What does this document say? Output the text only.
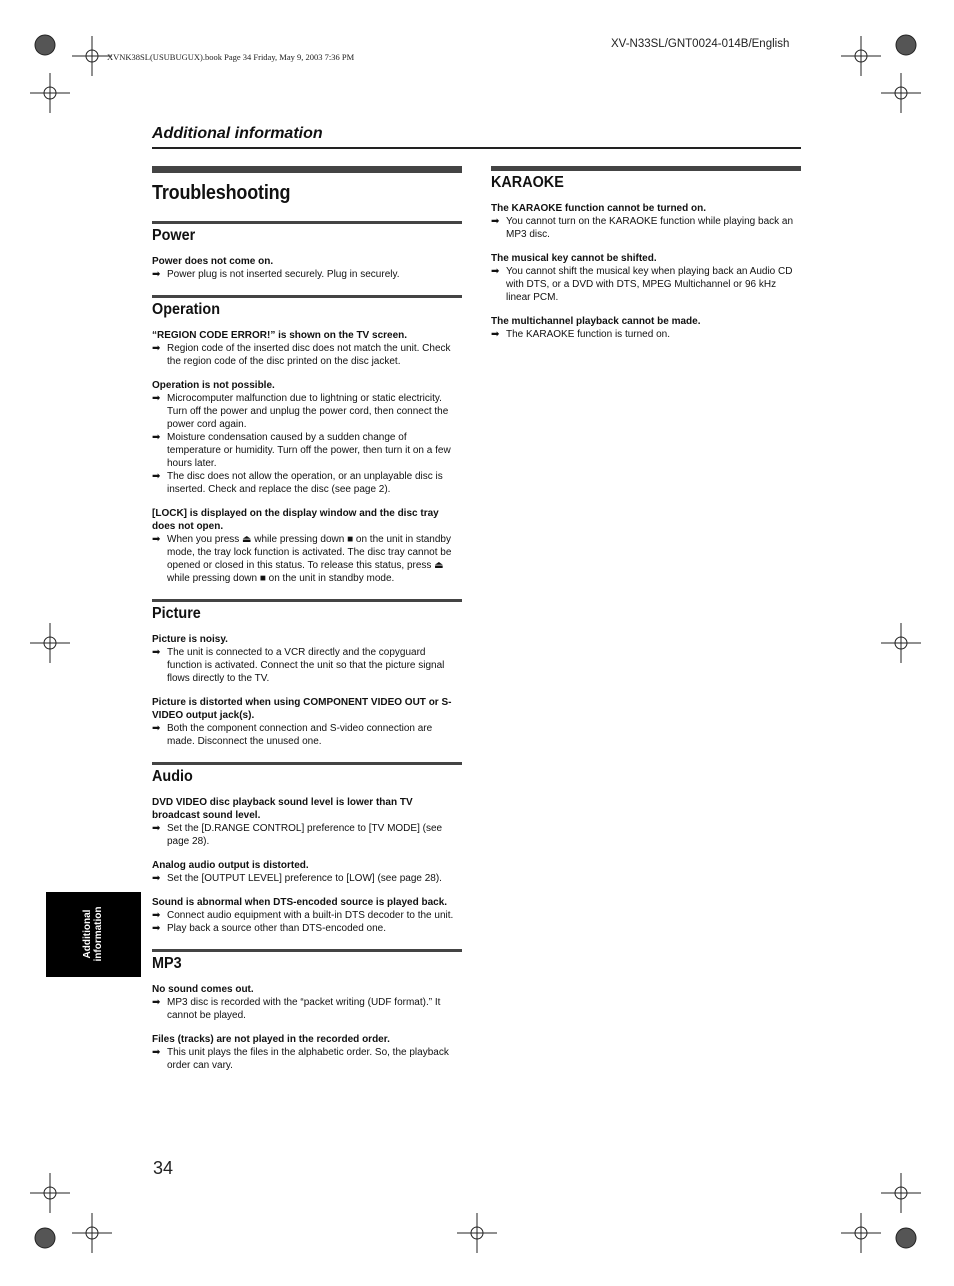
XVNK38SL(USUBUGUX).book Page 34 Friday, May 9, 2003 7:36 PM
XV-N33SL/GNT0024-014B/English
Additional information
Troubleshooting
Power
Power does not come on.
➡ Power plug is not inserted securely. Plug in securely.
Operation
“REGION CODE ERROR!” is shown on the TV screen.
➡ Region code of the inserted disc does not match the unit. Check the region code of the disc printed on the disc jacket.
Operation is not possible.
➡ Microcomputer malfunction due to lightning or static electricity. Turn off the power and unplug the power cord, then connect the power cord again.
➡ Moisture condensation caused by a sudden change of temperature or humidity. Turn off the power, then turn it on a few hours later.
➡ The disc does not allow the operation, or an unplayable disc is inserted. Check and replace the disc (see page 2).
[LOCK] is displayed on the display window and the disc tray does not open.
➡ When you press ⏏ while pressing down ■ on the unit in standby mode, the tray lock function is activated. The disc tray cannot be opened or closed in this status. To release this status, press ⏏ while pressing down ■ on the unit in standby mode.
Picture
Picture is noisy.
➡ The unit is connected to a VCR directly and the copyguard function is activated. Connect the unit so that the picture signal flows directly to the TV.
Picture is distorted when using COMPONENT VIDEO OUT or S-VIDEO output jack(s).
➡ Both the component connection and S-video connection are made. Disconnect the unused one.
Audio
DVD VIDEO disc playback sound level is lower than TV broadcast sound level.
➡ Set the [D.RANGE CONTROL] preference to [TV MODE] (see page 28).
Analog audio output is distorted.
➡ Set the [OUTPUT LEVEL] preference to [LOW] (see page 28).
Sound is abnormal when DTS-encoded source is played back.
➡ Connect audio equipment with a built-in DTS decoder to the unit.
➡ Play back a source other than DTS-encoded one.
MP3
No sound comes out.
➡ MP3 disc is recorded with the “packet writing (UDF format).” It cannot be played.
Files (tracks) are not played in the recorded order.
➡ This unit plays the files in the alphabetic order. So, the playback order can vary.
KARAOKE
The KARAOKE function cannot be turned on.
➡ You cannot turn on the KARAOKE function while playing back an MP3 disc.
The musical key cannot be shifted.
➡ You cannot shift the musical key when playing back an Audio CD with DTS, or a DVD with DTS, MPEG Multichannel or 96 kHz linear PCM.
The multichannel playback cannot be made.
➡ The KARAOKE function is turned on.
Additional information
34
